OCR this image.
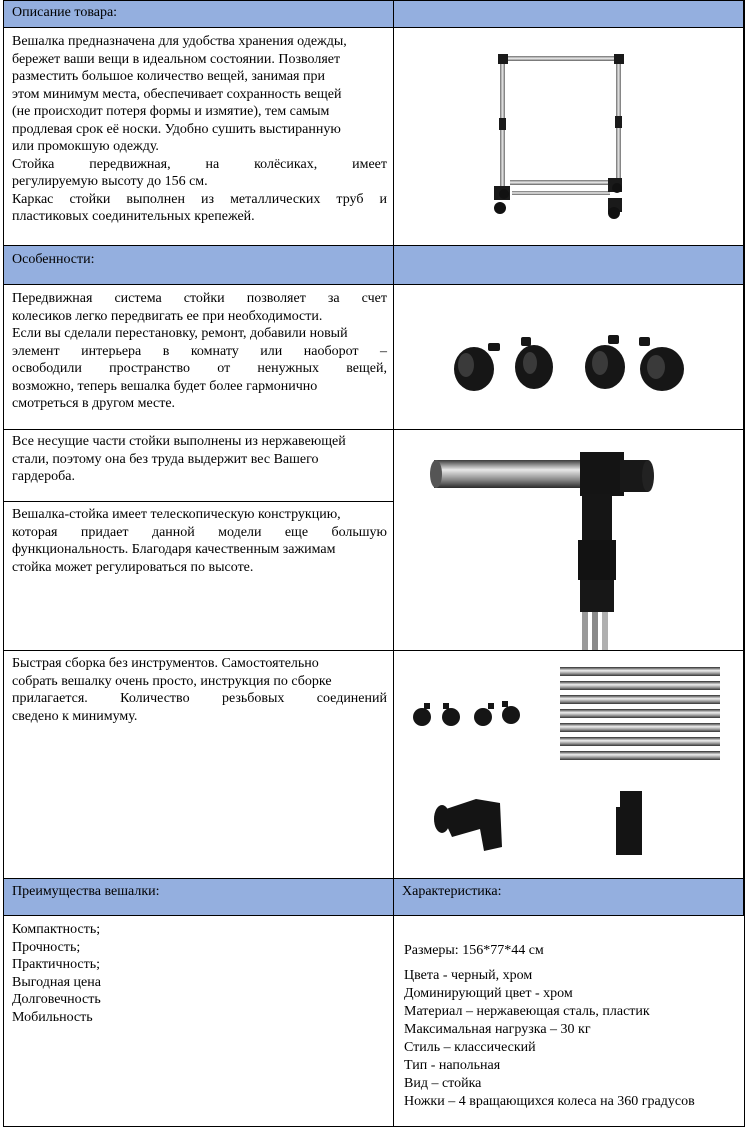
Описание товара:
Вешалка предназначена для удобства хранения одежды,
бережет ваши вещи в идеальном состоянии. Позволяет
разместить большое количество вещей, занимая при
этом минимум места, обеспечивает сохранность вещей
(не происходит потеря формы и измятие), тем самым
продлевая срок её носки. Удобно сушить выстиранную
или промокшую одежду.
Стойка передвижная, на колёсиках, имеет
регулируемую высоту до 156 см.
Каркас стойки выполнен из металлических труб и
пластиковых соединительных крепежей.
Особенности:
Передвижная система стойки позволяет за счет
колесиков легко передвигать ее при необходимости.
Если вы сделали перестановку, ремонт, добавили новый
элемент интерьера в комнату или наоборот –
освободили пространство от ненужных вещей,
возможно, теперь вешалка будет более гармонично
смотреться в другом месте.
Все несущие части стойки выполнены из нержавеющей
стали, поэтому она без труда выдержит вес Вашего
гардероба.
Вешалка-стойка имеет телескопическую конструкцию,
которая придает данной модели еще большую
функциональность. Благодаря качественным зажимам
стойка может регулироваться по высоте.
Быстрая сборка без инструментов. Самостоятельно
собрать вешалку очень просто, инструкция по сборке
прилагается. Количество резьбовых соединений
сведено к минимуму.
Преимущества вешалки:	Характеристика:
Компактность;
Прочность;
Практичность;
Выгодная цена
Долговечность
Мобильность
Размеры: 156*77*44 см
Цвета - черный, хром
Доминирующий цвет - хром
Материал – нержавеющая сталь, пластик
Максимальная нагрузка – 30 кг
Стиль – классический
Тип - напольная
Вид – стойка
Ножки – 4 вращающихся колеса на 360 градусов
